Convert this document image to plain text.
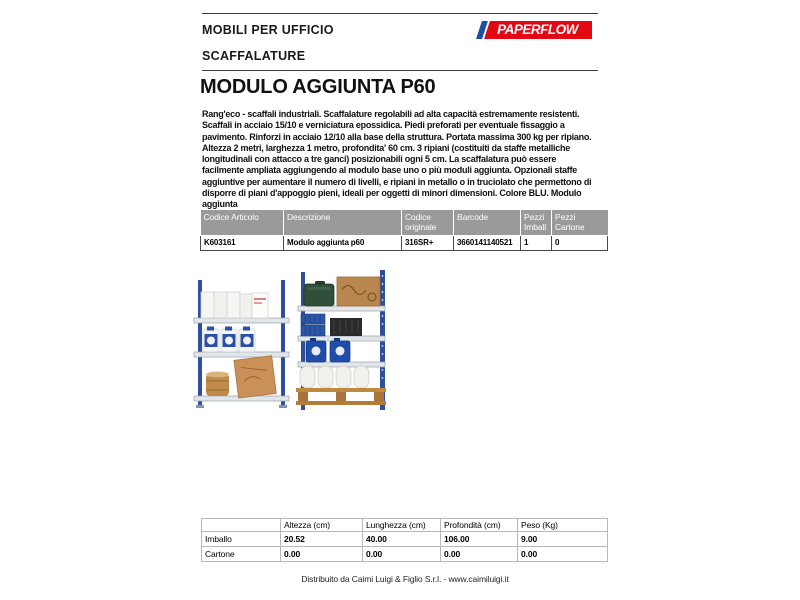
MOBILI PER UFFICIO	PAPERFLOW
SCAFFALATURE
MODULO AGGIUNTA P60

Rang'eco - scaffali industriali. Scaffalature regolabili ad alta capacità estremamente resistenti. Scaffali in acciaio 15/10 e verniciatura epossidica. Piedi preforati per eventuale fissaggio a pavimento. Rinforzi in acciaio 12/10 alla base della struttura. Portata massima 300 kg per ripiano. Altezza 2 metri, larghezza 1 metro, profondita' 60 cm. 3 ripiani (costituiti da staffe metalliche longitudinali con attacco a tre ganci) posizionabili ogni 5 cm. La scaffalatura può essere facilmente ampliata aggiungendo al modulo base uno o più moduli aggiunta. Opzionali staffe aggiuntive per aumentare il numero di livelli, e ripiani in metallo o in truciolato che permettono di disporre di piani d'appoggio pieni, ideali per oggetti di minori dimensioni. Colore BLU. Modulo aggiunta

Codice Articolo	Descrizione	Codice originale	Barcode	Pezzi Imball	Pezzi Cartone
K603161	Modulo aggiunta p60	316SR+	3660141140521	1	0
	Altezza (cm)	Lunghezza (cm)	Profondità (cm)	Peso (Kg)
Imballo	20.52	40.00	106.00	9.00
Cartone	0.00	0.00	0.00	0.00
Distribuito da Caimi Luigi & Figlio S.r.l. - www.caimiluigi.it
